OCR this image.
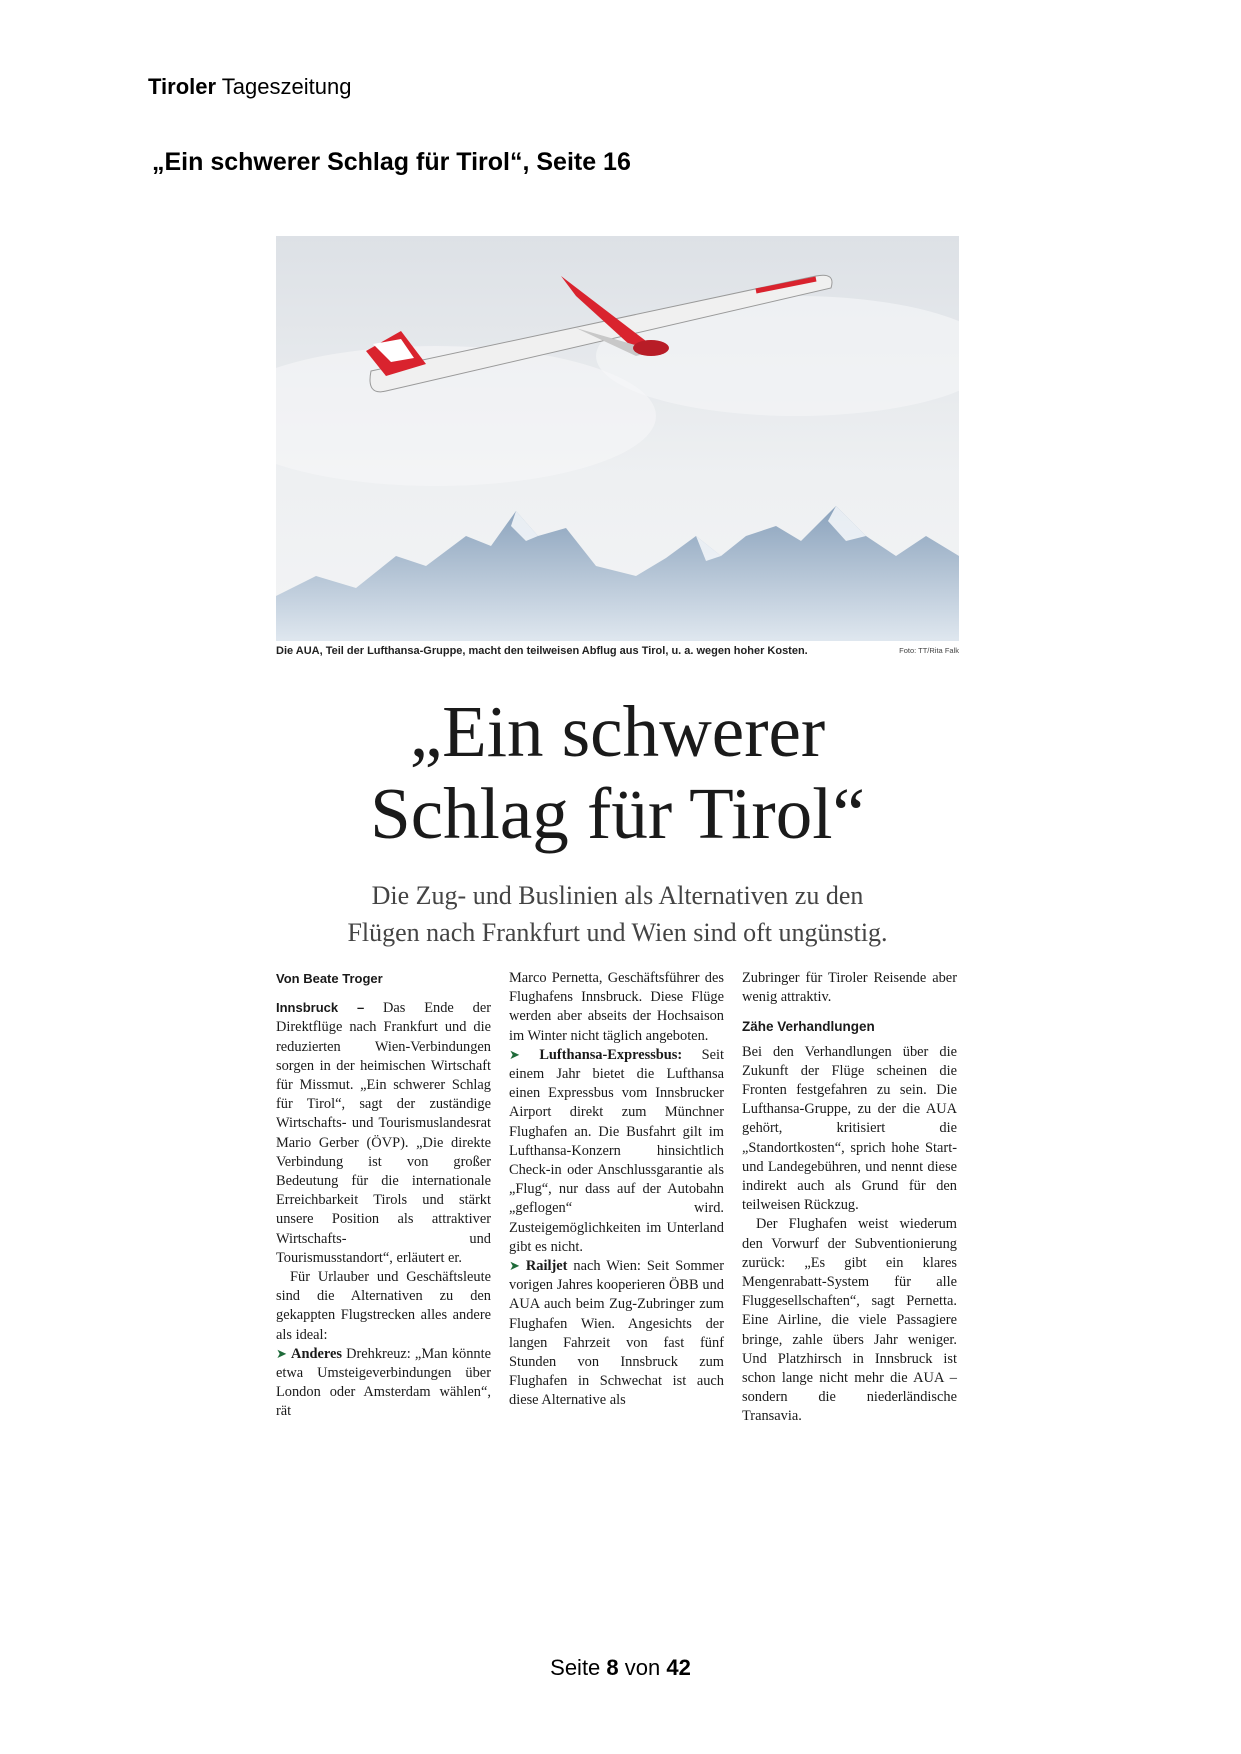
Tiroler Tageszeitung
„Ein schwerer Schlag für Tirol“, Seite 16
Die AUA, Teil der Lufthansa-Gruppe, macht den teilweisen Abflug aus Tirol, u. a. wegen hoher Kosten.	Foto: TT/Rita Falk
„Ein schwerer
Schlag für Tirol“
Die Zug- und Buslinien als Alternativen zu den
Flügen nach Frankfurt und Wien sind oft ungünstig.
Von Beate Troger

Innsbruck – Das Ende der Direktflüge nach Frankfurt und die reduzierten Wien-Verbindungen sorgen in der heimischen Wirtschaft für Missmut. „Ein schwerer Schlag für Tirol“, sagt der zuständige Wirtschafts- und Tourismuslandesrat Mario Gerber (ÖVP). „Die direkte Verbindung ist von großer Bedeutung für die internationale Erreichbarkeit Tirols und stärkt unsere Position als attraktiver Wirtschafts- und Tourismusstandort“, erläutert er.

Für Urlauber und Geschäftsleute sind die Alternativen zu den gekappten Flugstrecken alles andere als ideal:

➤ Anderes Drehkreuz: „Man könnte etwa Umsteigeverbindungen über London oder Amsterdam wählen“, rät

Marco Pernetta, Geschäftsführer des Flughafens Innsbruck. Diese Flüge werden aber abseits der Hochsaison im Winter nicht täglich angeboten.

➤ Lufthansa-Expressbus: Seit einem Jahr bietet die Lufthansa einen Expressbus vom Innsbrucker Airport direkt zum Münchner Flughafen an. Die Busfahrt gilt im Lufthansa-Konzern hinsichtlich Check-in oder Anschlussgarantie als „Flug“, nur dass auf der Autobahn „geflogen“ wird. Zusteigemöglichkeiten im Unterland gibt es nicht.

➤ Railjet nach Wien: Seit Sommer vorigen Jahres kooperieren ÖBB und AUA auch beim Zug-Zubringer zum Flughafen Wien. Angesichts der langen Fahrzeit von fast fünf Stunden von Innsbruck zum Flughafen in Schwechat ist auch diese Alternative als

Zubringer für Tiroler Reisende aber wenig attraktiv.

Zähe Verhandlungen

Bei den Verhandlungen über die Zukunft der Flüge scheinen die Fronten festgefahren zu sein. Die Lufthansa-Gruppe, zu der die AUA gehört, kritisiert die „Standortkosten“, sprich hohe Start- und Landegebühren, und nennt diese indirekt auch als Grund für den teilweisen Rückzug.

Der Flughafen weist wiederum den Vorwurf der Subventionierung zurück: „Es gibt ein klares Mengenrabatt-System für alle Fluggesellschaften“, sagt Pernetta. Eine Airline, die viele Passagiere bringe, zahle übers Jahr weniger. Und Platzhirsch in Innsbruck ist schon lange nicht mehr die AUA – sondern die niederländische Transavia.

Seite 8 von 42
